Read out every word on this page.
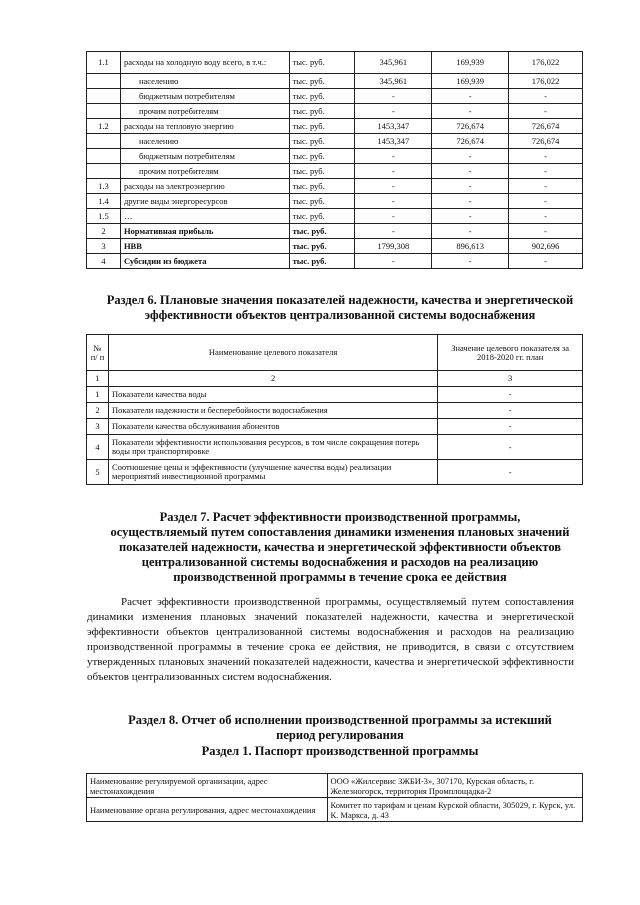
1.1	расходы на холодную воду всего, в т.ч.:	тыс. руб.	345,961	169,939	176,022
	населению	тыс. руб.	345,961	169,939	176,022
	бюджетным потребителям	тыс. руб.	-	-	-
	прочим потребителям	тыс. руб.	-	-	-
1.2	расходы на тепловую энергию	тыс. руб.	1453,347	726,674	726,674
	населению	тыс. руб.	1453,347	726,674	726,674
	бюджетным потребителям	тыс. руб.	-	-	-
	прочим потребителям	тыс. руб.	-	-	-
1.3	расходы на электроэнергию	тыс. руб.	-	-	-
1.4	другие виды энергоресурсов	тыс. руб.	-	-	-
1.5	…	тыс. руб.	-	-	-
2	Нормативная прибыль	тыс. руб.	-	-	-
3	НВВ	тыс. руб.	1799,308	896,613	902,696
4	Субсидии из бюджета	тыс. руб.	-	-	-
Раздел 6. Плановые значения показателей надежности, качества и энергетической
эффективности объектов централизованной системы водоснабжения
№ п/ п	Наименование целевого показателя	Значение целевого показателя за 2018-2020 гг. план
1	2	3
1	Показатели качества воды	-
2	Показатели надежности и бесперебойности водоснабжения	-
3	Показатели качества обслуживания абонентов	-
4	Показатели эффективности использования ресурсов, в том числе сокращения потерь воды при транспортировке	-
5	Соотношение цены и эффективности (улучшение качества воды) реализации мероприятий инвестиционной программы	-
Раздел 7. Расчет эффективности производственной программы,
осуществляемый путем сопоставления динамики изменения плановых значений
показателей надежности, качества и энергетической эффективности объектов
централизованной системы водоснабжения и расходов на реализацию
производственной программы в течение срока ее действия

Расчет эффективности производственной программы, осуществляемый путем сопоставления динамики изменения плановых значений показателей надежности, качества и энергетической эффективности объектов централизованной системы водоснабжения и расходов на реализацию производственной программы в течение срока ее действия, не приводится, в связи с отсутствием утвержденных плановых значений показателей надежности, качества и энергетической эффективности объектов централизованных систем водоснабжения.

Раздел 8. Отчет об исполнении производственной программы за истекший
период регулирования
Раздел 1. Паспорт производственной программы
Наименование регулируемой организации, адрес местонахождения	ООО «Жилсервис ЗЖБИ-3», 307170, Курская область, г. Железногорск, территория Промплощадка-2
Наименование органа регулирования, адрес местонахождения	Комитет по тарифам и ценам Курской области, 305029, г. Курск, ул. К. Маркса, д. 43
